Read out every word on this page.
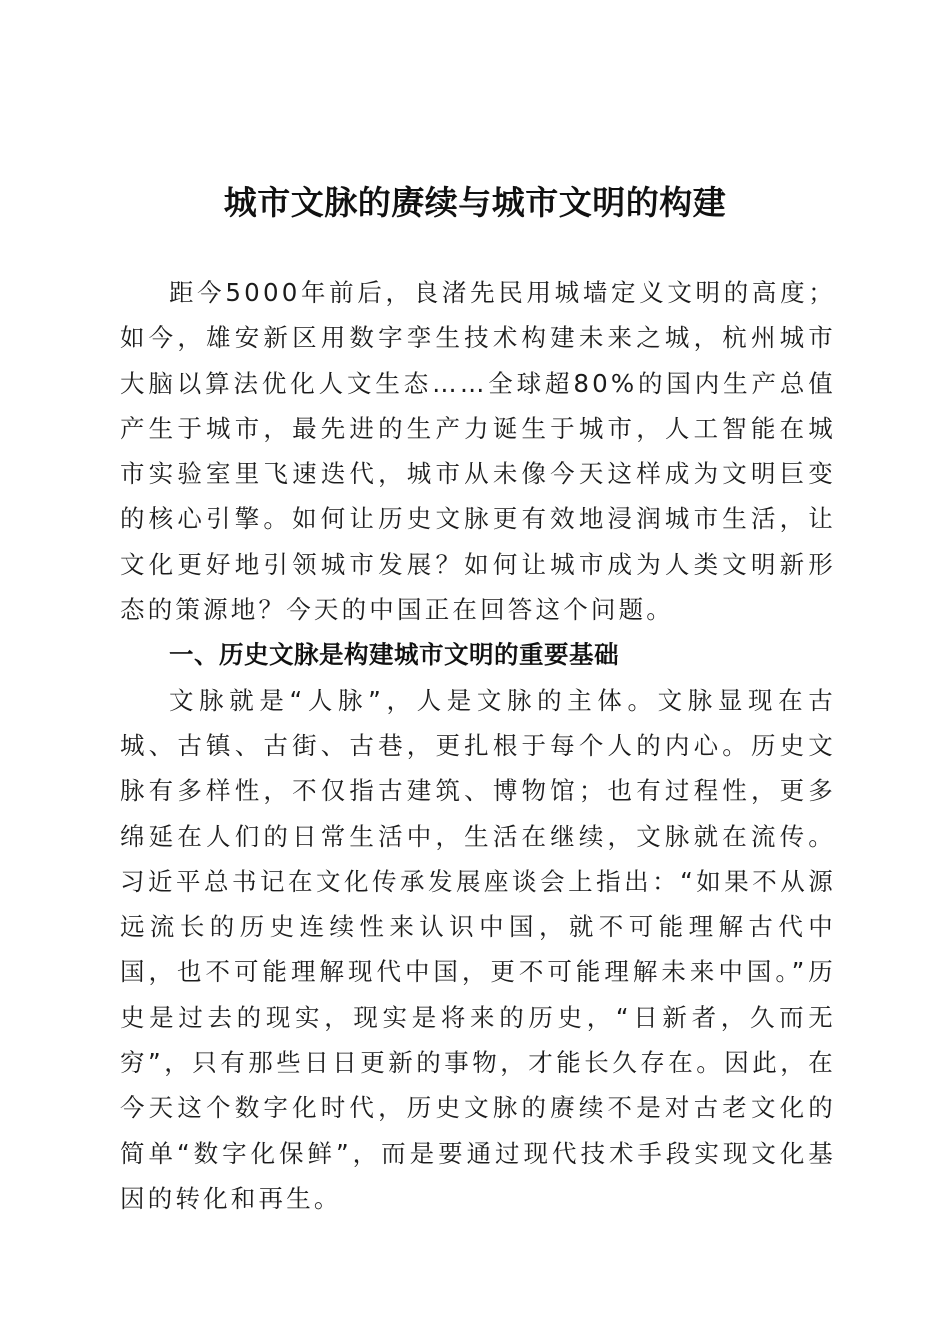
城市文脉的赓续与城市文明的构建

距今5000年前后，良渚先民用城墙定义文明的高度；如今，雄安新区用数字孪生技术构建未来之城，杭州城市大脑以算法优化人文生态……全球超80%的国内生产总值产生于城市，最先进的生产力诞生于城市，人工智能在城市实验室里飞速迭代，城市从未像今天这样成为文明巨变的核心引擎。如何让历史文脉更有效地浸润城市生活，让文化更好地引领城市发展？如何让城市成为人类文明新形态的策源地？今天的中国正在回答这个问题。

一、历史文脉是构建城市文明的重要基础

文脉就是“人脉”，人是文脉的主体。文脉显现在古城、古镇、古街、古巷，更扎根于每个人的内心。历史文脉有多样性，不仅指古建筑、博物馆；也有过程性，更多绵延在人们的日常生活中，生活在继续，文脉就在流传。习近平总书记在文化传承发展座谈会上指出：“如果不从源远流长的历史连续性来认识中国，就不可能理解古代中国，也不可能理解现代中国，更不可能理解未来中国。”历史是过去的现实，现实是将来的历史，“日新者，久而无穷”，只有那些日日更新的事物，才能长久存在。因此，在今天这个数字化时代，历史文脉的赓续不是对古老文化的简单“数字化保鲜”，而是要通过现代技术手段实现文化基因的转化和再生。
